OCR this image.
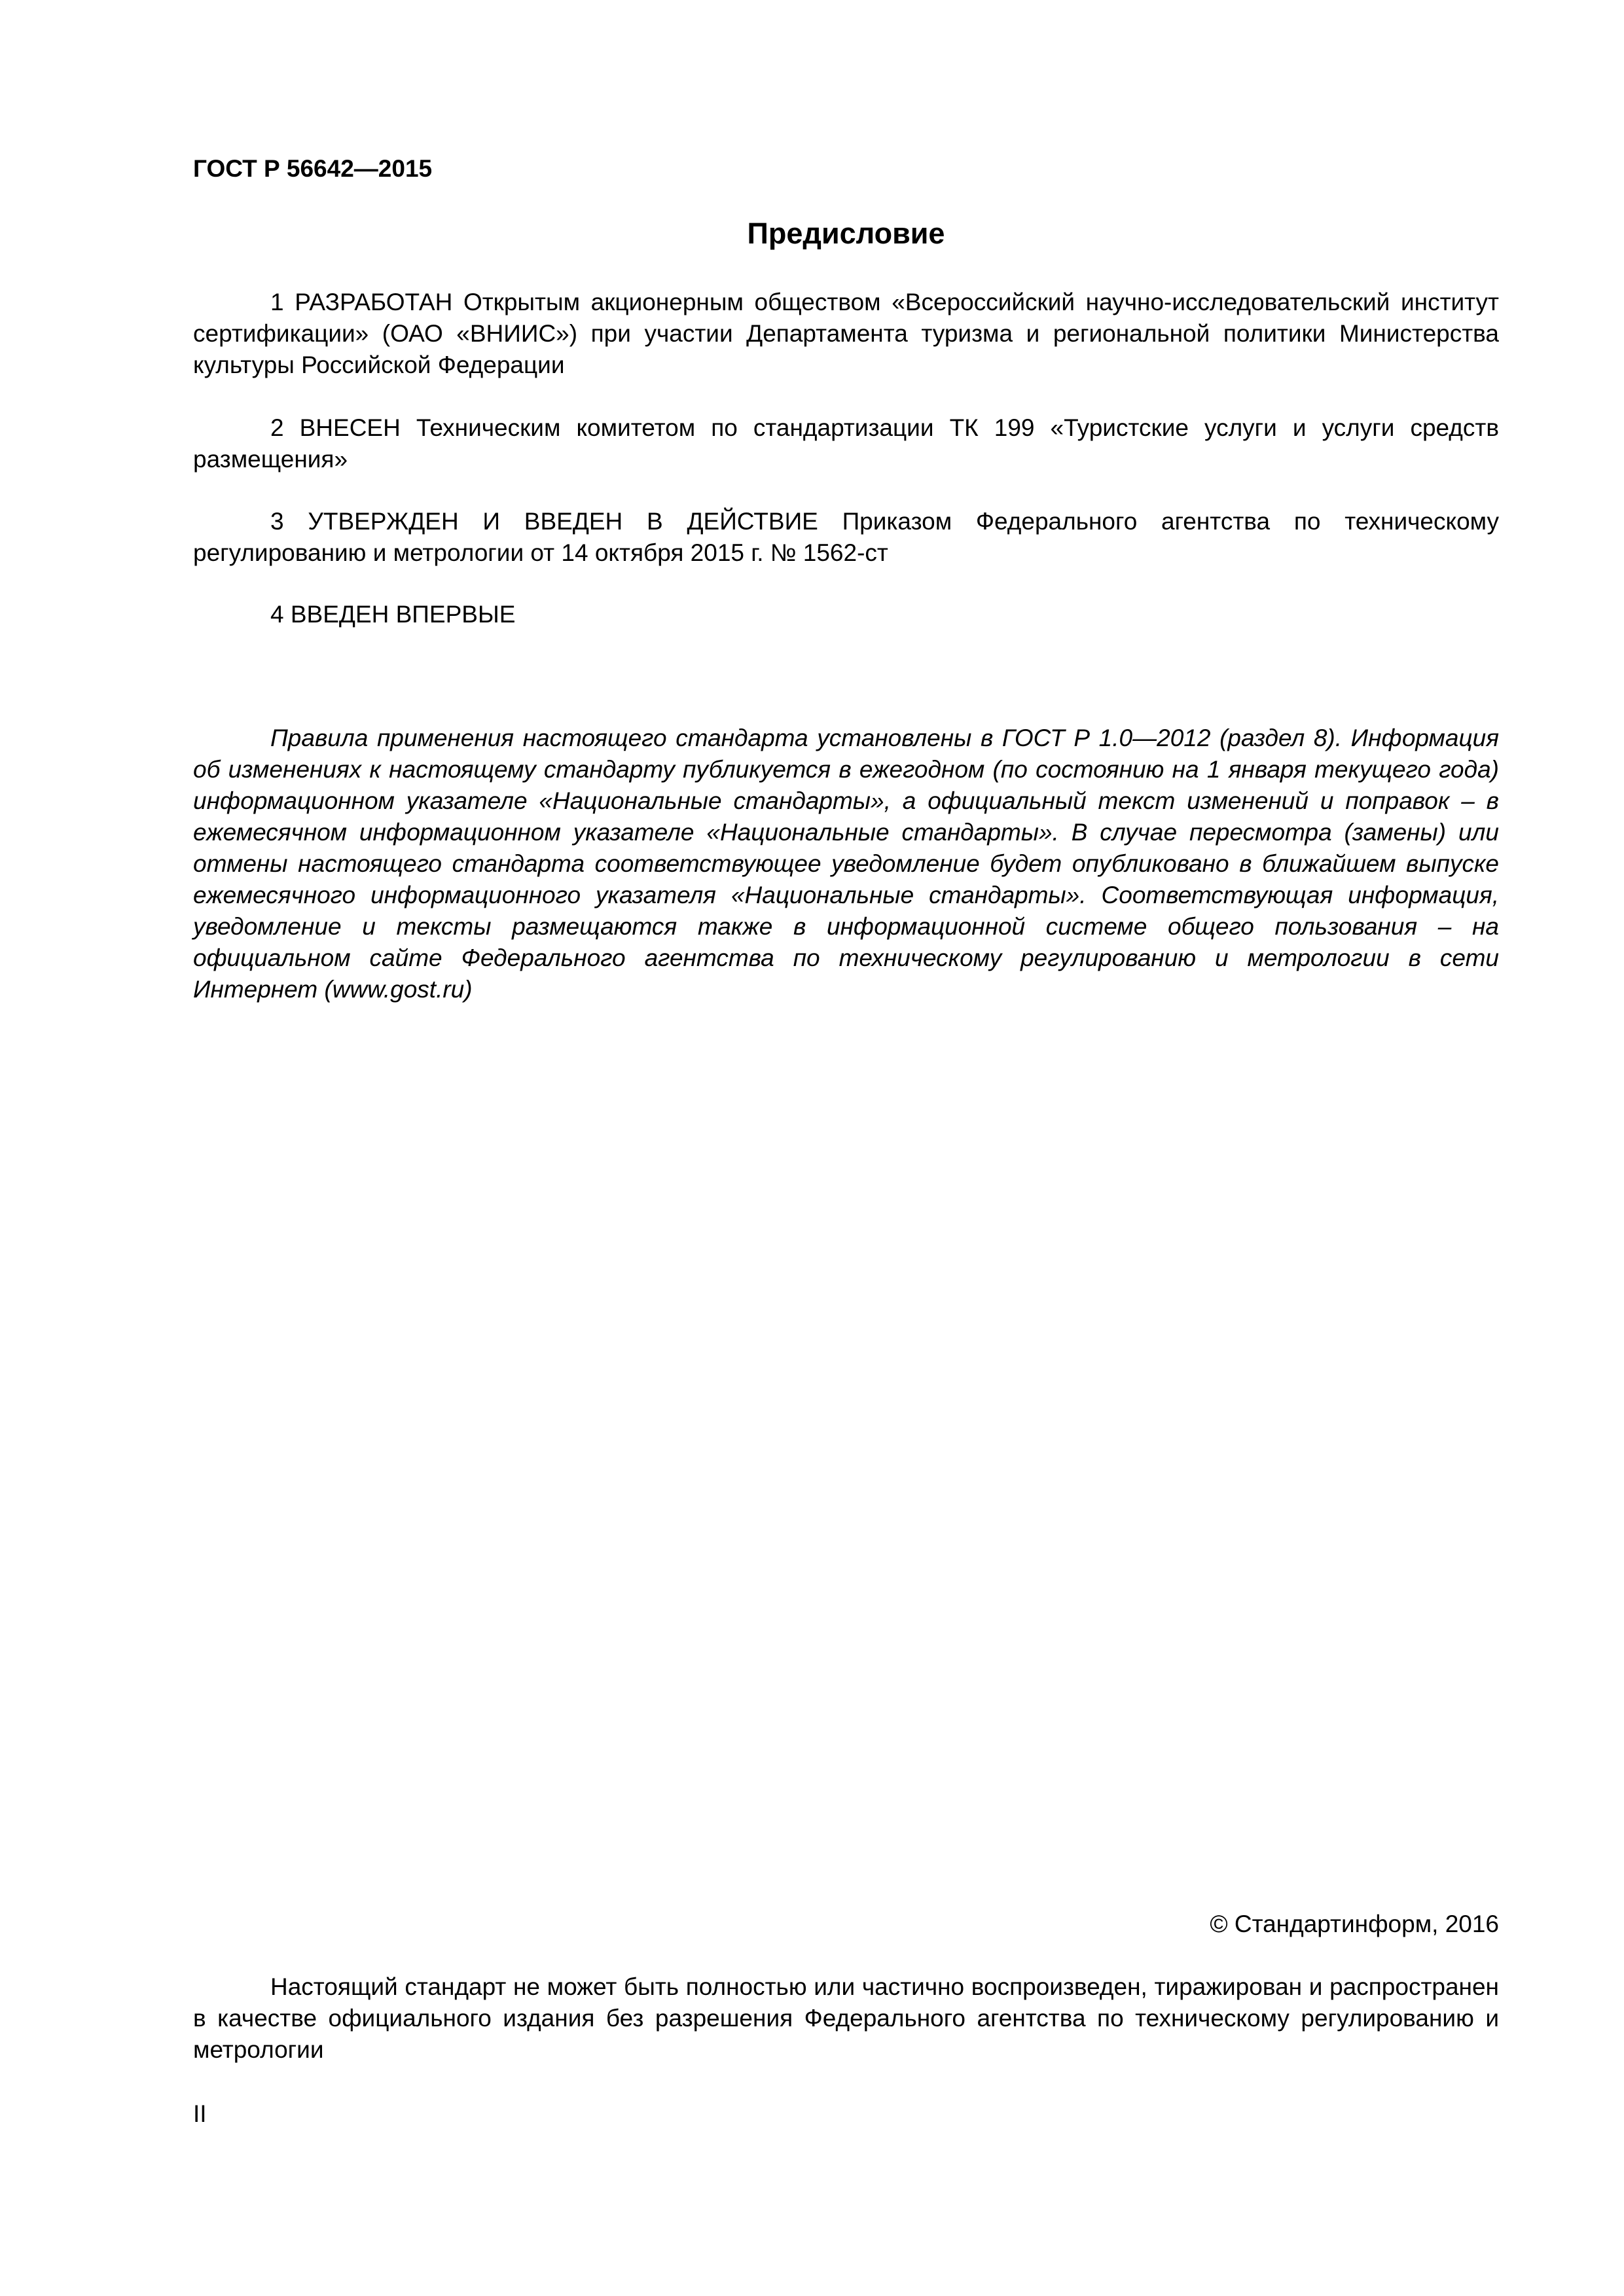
ГОСТ Р 56642—2015

Предисловие

1 РАЗРАБОТАН Открытым акционерным обществом «Всероссийский научно-исследовательский институт сертификации» (ОАО «ВНИИС») при участии Департамента туризма и региональной политики Министерства культуры Российской Федерации

2 ВНЕСЕН Техническим комитетом по стандартизации ТК 199 «Туристские услуги и услуги средств размещения»

3 УТВЕРЖДЕН И ВВЕДЕН В ДЕЙСТВИЕ Приказом Федерального агентства по техническому регулированию и метрологии от 14 октября 2015 г. № 1562-ст

4 ВВЕДЕН ВПЕРВЫЕ

Правила применения настоящего стандарта установлены в ГОСТ Р 1.0—2012 (раздел 8). Информация об изменениях к настоящему стандарту публикуется в ежегодном (по состоянию на 1 января текущего года) информационном указателе «Национальные стандарты», а официальный текст изменений и поправок – в ежемесячном информационном указателе «Национальные стандарты». В случае пересмотра (замены) или отмены настоящего стандарта соответствующее уведомление будет опубликовано в ближайшем выпуске ежемесячного информационного указателя «Национальные стандарты». Соответствующая информация, уведомление и тексты размещаются также в информационной системе общего пользования – на официальном сайте Федерального агентства по техническому регулированию и метрологии в сети Интернет (www.gost.ru)

© Стандартинформ, 2016

Настоящий стандарт не может быть полностью или частично воспроизведен, тиражирован и распространен в качестве официального издания без разрешения Федерального агентства по техническому регулированию и метрологии

II
